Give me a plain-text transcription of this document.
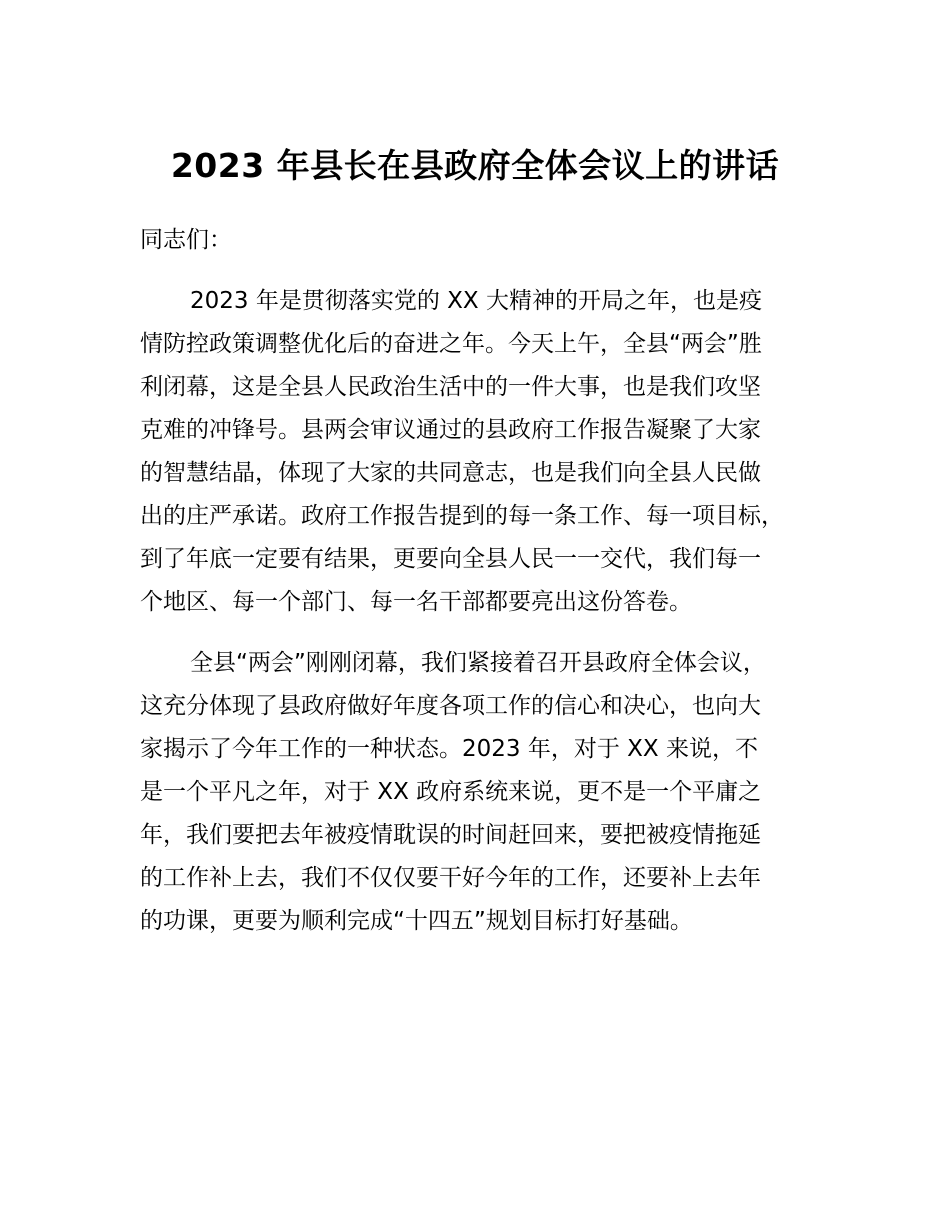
2023 年县长在县政府全体会议上的讲话

同志们：

2023 年是贯彻落实党的 XX 大精神的开局之年，也是疫
情防控政策调整优化后的奋进之年。今天上午，全县“两会”胜
利闭幕，这是全县人民政治生活中的一件大事，也是我们攻坚
克难的冲锋号。县两会审议通过的县政府工作报告凝聚了大家
的智慧结晶，体现了大家的共同意志，也是我们向全县人民做
出的庄严承诺。政府工作报告提到的每一条工作、每一项目标，
到了年底一定要有结果，更要向全县人民一一交代，我们每一
个地区、每一个部门、每一名干部都要亮出这份答卷。
全县“两会”刚刚闭幕，我们紧接着召开县政府全体会议，
这充分体现了县政府做好年度各项工作的信心和决心，也向大
家揭示了今年工作的一种状态。2023 年，对于 XX 来说，不
是一个平凡之年，对于 XX 政府系统来说，更不是一个平庸之
年，我们要把去年被疫情耽误的时间赶回来，要把被疫情拖延
的工作补上去，我们不仅仅要干好今年的工作，还要补上去年
的功课，更要为顺利完成“十四五”规划目标打好基础。
